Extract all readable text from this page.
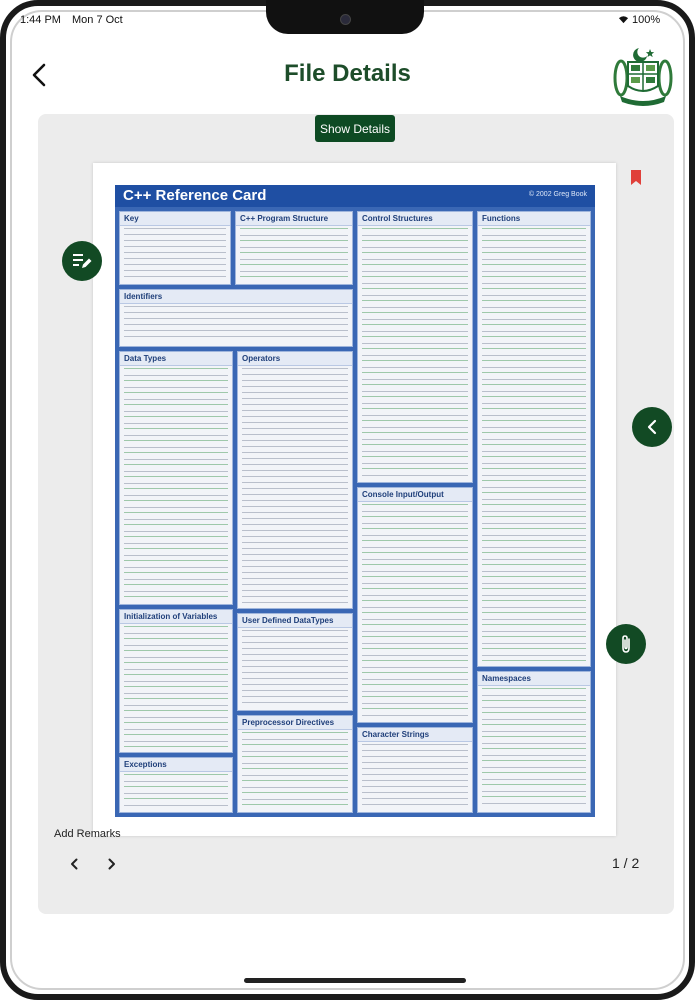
1:44 PM Mon 7 Oct	100%
File Details
Show Details
C++ Reference Card	© 2002 Greg Book
Key	C++ Program Structure	Control Structures	Functions
Identifiers
Data Types	Operators
Console Input/Output
Initialization of Variables	User Defined DataTypes
Preprocessor Directives
Character Strings
Exceptions
Namespaces
Add Remarks
1 / 2
